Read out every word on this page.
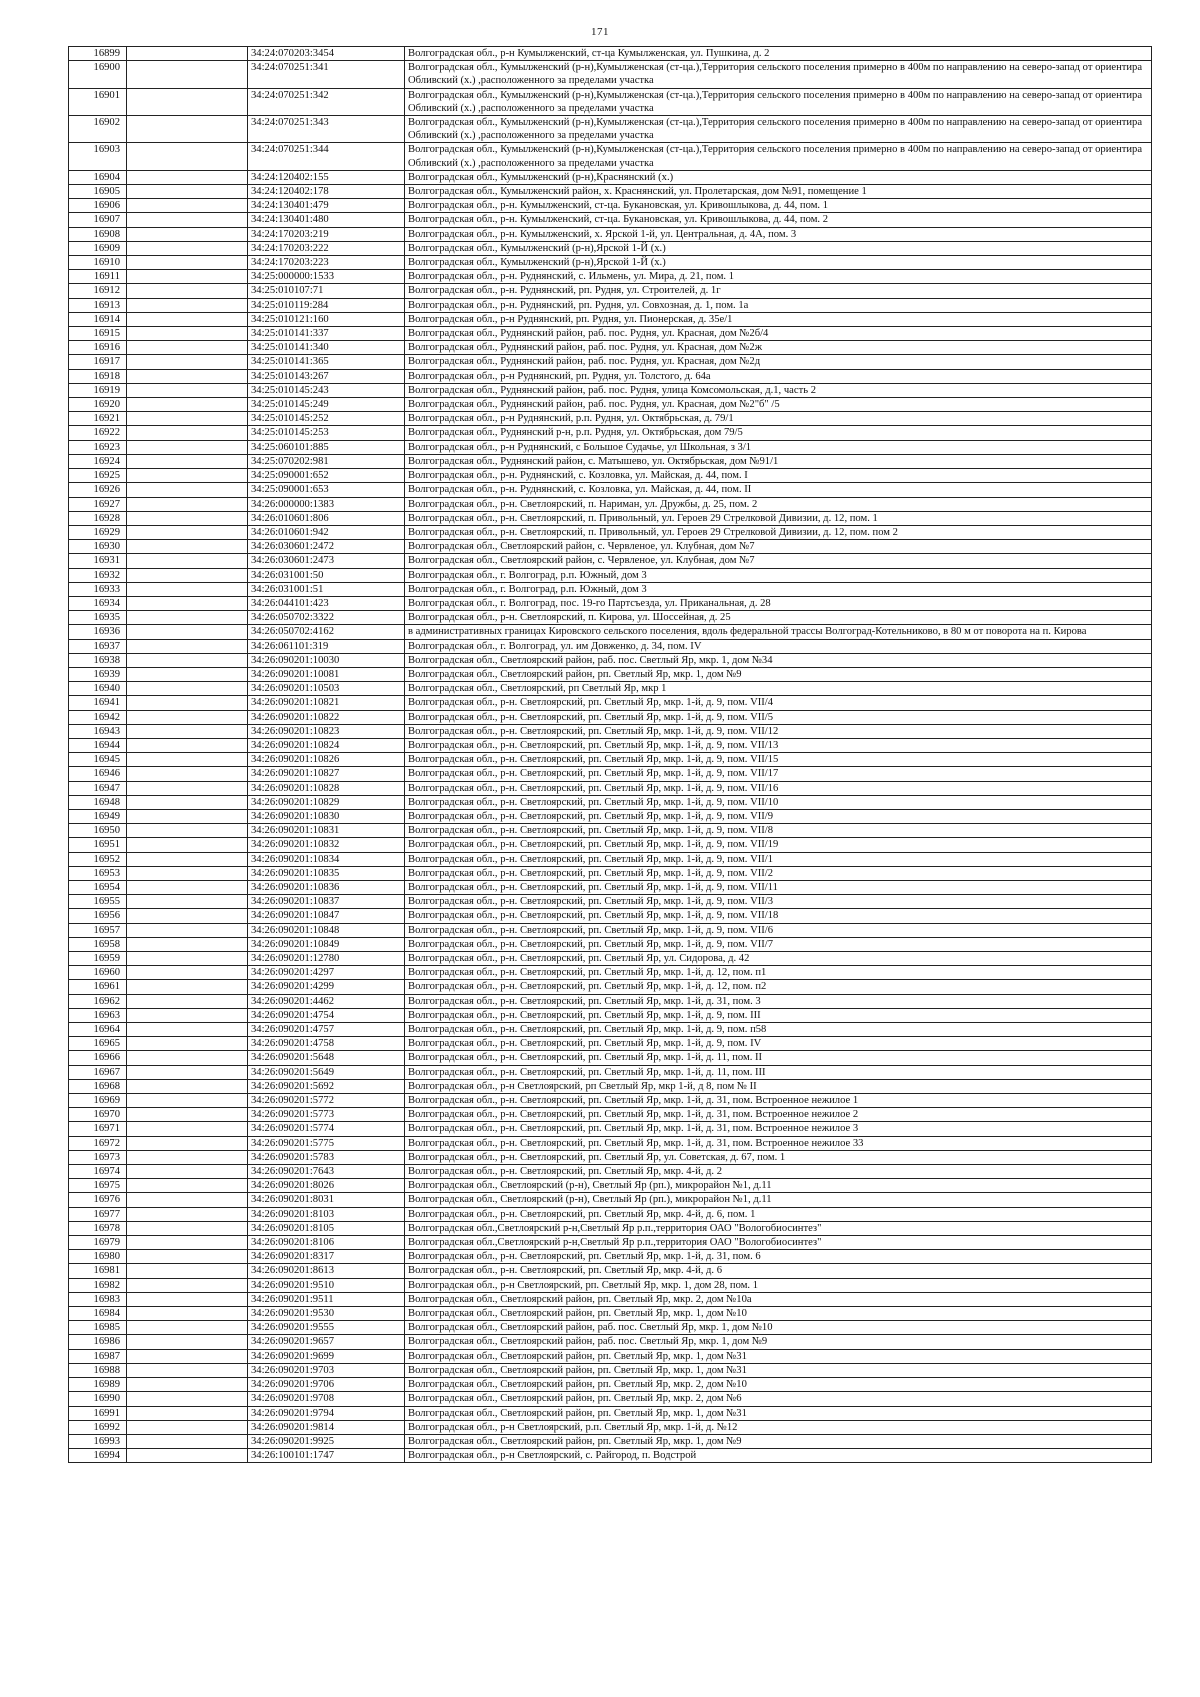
171
16899		34:24:070203:3454	Волгоградская обл., р-н Кумылженский, ст-ца Кумылженская, ул. Пушкина, д. 2
16900		34:24:070251:341	Волгоградская обл., Кумылженский (р-н),Кумылженская (ст-ца.),Территория сельского поселения примерно в 400м по направлению на северо-запад от ориентира Обливский (х.) ,расположенного за пределами участка
16901		34:24:070251:342	Волгоградская обл., Кумылженский (р-н),Кумылженская (ст-ца.),Территория сельского поселения примерно в 400м по направлению на северо-запад от ориентира Обливский (х.) ,расположенного за пределами участка
16902		34:24:070251:343	Волгоградская обл., Кумылженский (р-н),Кумылженская (ст-ца.),Территория сельского поселения примерно в 400м по направлению на северо-запад от ориентира Обливский (х.) ,расположенного за пределами участка
16903		34:24:070251:344	Волгоградская обл., Кумылженский (р-н),Кумылженская (ст-ца.),Территория сельского поселения примерно в 400м по направлению на северо-запад от ориентира Обливский (х.) ,расположенного за пределами участка
16904		34:24:120402:155	Волгоградская обл., Кумылженский (р-н),Краснянский (х.)
16905		34:24:120402:178	Волгоградская обл., Кумылженский район, х. Краснянский, ул. Пролетарская, дом №91, помещение 1
16906		34:24:130401:479	Волгоградская обл., р-н. Кумылженский, ст-ца. Букановская, ул. Кривошлыкова, д. 44, пом. 1
16907		34:24:130401:480	Волгоградская обл., р-н. Кумылженский, ст-ца. Букановская, ул. Кривошлыкова, д. 44, пом. 2
16908		34:24:170203:219	Волгоградская обл., р-н. Кумылженский, х. Ярской 1-й, ул. Центральная, д. 4А, пом. 3
16909		34:24:170203:222	Волгоградская обл., Кумылженский (р-н),Ярской 1-Й (х.)
16910		34:24:170203:223	Волгоградская обл., Кумылженский (р-н),Ярской 1-Й (х.)
16911		34:25:000000:1533	Волгоградская обл., р-н. Руднянский, с. Ильмень, ул. Мира, д. 21, пом. 1
16912		34:25:010107:71	Волгоградская обл., р-н. Руднянский, рп. Рудня, ул. Строителей, д. 1г
16913		34:25:010119:284	Волгоградская обл., р-н. Руднянский, рп. Рудня, ул. Совхозная, д. 1, пом. 1а
16914		34:25:010121:160	Волгоградская обл., р-н Руднянский, рп. Рудня, ул. Пионерская, д. 35е/1
16915		34:25:010141:337	Волгоградская обл., Руднянский район, раб. пос. Рудня, ул. Красная, дом №2б/4
16916		34:25:010141:340	Волгоградская обл., Руднянский район, раб. пос. Рудня, ул. Красная, дом №2ж
16917		34:25:010141:365	Волгоградская обл., Руднянский район, раб. пос. Рудня, ул. Красная, дом №2д
16918		34:25:010143:267	Волгоградская обл., р-н Руднянский, рп. Рудня, ул. Толстого, д. 64а
16919		34:25:010145:243	Волгоградская обл., Руднянский район, раб. пос. Рудня, улица Комсомольская, д.1, часть 2
16920		34:25:010145:249	Волгоградская обл., Руднянский район, раб. пос. Рудня, ул. Красная, дом №2"б" /5
16921		34:25:010145:252	Волгоградская обл., р-н Руднянский, р.п. Рудня, ул. Октябрьская, д. 79/1
16922		34:25:010145:253	Волгоградская обл., Руднянский р-н, р.п. Рудня, ул. Октябрьская, дом 79/5
16923		34:25:060101:885	Волгоградская обл., р-н Руднянский, с Большое Судачье, ул Школьная, з 3/1
16924		34:25:070202:981	Волгоградская обл., Руднянский район, с. Матышево, ул. Октябрьская, дом №91/1
16925		34:25:090001:652	Волгоградская обл., р-н. Руднянский, с. Козловка, ул. Майская, д. 44, пом. I
16926		34:25:090001:653	Волгоградская обл., р-н. Руднянский, с. Козловка, ул. Майская, д. 44, пом. II
16927		34:26:000000:1383	Волгоградская обл., р-н. Светлоярский, п. Нариман, ул. Дружбы, д. 25, пом. 2
16928		34:26:010601:806	Волгоградская обл., р-н. Светлоярский, п. Привольный, ул. Героев 29 Стрелковой Дивизии, д. 12, пом. 1
16929		34:26:010601:942	Волгоградская обл., р-н. Светлоярский, п. Привольный, ул. Героев 29 Стрелковой Дивизии, д. 12, пом. пом 2
16930		34:26:030601:2472	Волгоградская обл., Светлоярский район, с. Червленое, ул. Клубная, дом №7
16931		34:26:030601:2473	Волгоградская обл., Светлоярский район, с. Червленое, ул. Клубная, дом №7
16932		34:26:031001:50	Волгоградская обл., г. Волгоград, р.п. Южный, дом 3
16933		34:26:031001:51	Волгоградская обл., г. Волгоград, р.п. Южный, дом 3
16934		34:26:044101:423	Волгоградская обл., г. Волгоград, пос. 19-го Партсъезда, ул. Приканальная, д. 28
16935		34:26:050702:3322	Волгоградская обл., р-н. Светлоярский, п. Кирова, ул. Шоссейная, д. 25
16936		34:26:050702:4162	в административных границах Кировского сельского поселения, вдоль федеральной трассы Волгоград-Котельниково, в 80 м от поворота на п. Кирова
16937		34:26:061101:319	Волгоградская обл., г. Волгоград, ул. им Довженко, д. 34, пом. IV
16938		34:26:090201:10030	Волгоградская обл., Светлоярский район, раб. пос. Светлый Яр, мкр. 1, дом №34
16939		34:26:090201:10081	Волгоградская обл., Светлоярский район, рп. Светлый Яр, мкр. 1, дом №9
16940		34:26:090201:10503	Волгоградская обл., Светлоярский, рп Светлый Яр, мкр 1
16941		34:26:090201:10821	Волгоградская обл., р-н. Светлоярский, рп. Светлый Яр, мкр. 1-й, д. 9, пом. VII/4
16942		34:26:090201:10822	Волгоградская обл., р-н. Светлоярский, рп. Светлый Яр, мкр. 1-й, д. 9, пом. VII/5
16943		34:26:090201:10823	Волгоградская обл., р-н. Светлоярский, рп. Светлый Яр, мкр. 1-й, д. 9, пом. VII/12
16944		34:26:090201:10824	Волгоградская обл., р-н. Светлоярский, рп. Светлый Яр, мкр. 1-й, д. 9, пом. VII/13
16945		34:26:090201:10826	Волгоградская обл., р-н. Светлоярский, рп. Светлый Яр, мкр. 1-й, д. 9, пом. VII/15
16946		34:26:090201:10827	Волгоградская обл., р-н. Светлоярский, рп. Светлый Яр, мкр. 1-й, д. 9, пом. VII/17
16947		34:26:090201:10828	Волгоградская обл., р-н. Светлоярский, рп. Светлый Яр, мкр. 1-й, д. 9, пом. VII/16
16948		34:26:090201:10829	Волгоградская обл., р-н. Светлоярский, рп. Светлый Яр, мкр. 1-й, д. 9, пом. VII/10
16949		34:26:090201:10830	Волгоградская обл., р-н. Светлоярский, рп. Светлый Яр, мкр. 1-й, д. 9, пом. VII/9
16950		34:26:090201:10831	Волгоградская обл., р-н. Светлоярский, рп. Светлый Яр, мкр. 1-й, д. 9, пом. VII/8
16951		34:26:090201:10832	Волгоградская обл., р-н. Светлоярский, рп. Светлый Яр, мкр. 1-й, д. 9, пом. VII/19
16952		34:26:090201:10834	Волгоградская обл., р-н. Светлоярский, рп. Светлый Яр, мкр. 1-й, д. 9, пом. VII/1
16953		34:26:090201:10835	Волгоградская обл., р-н. Светлоярский, рп. Светлый Яр, мкр. 1-й, д. 9, пом. VII/2
16954		34:26:090201:10836	Волгоградская обл., р-н. Светлоярский, рп. Светлый Яр, мкр. 1-й, д. 9, пом. VII/11
16955		34:26:090201:10837	Волгоградская обл., р-н. Светлоярский, рп. Светлый Яр, мкр. 1-й, д. 9, пом. VII/3
16956		34:26:090201:10847	Волгоградская обл., р-н. Светлоярский, рп. Светлый Яр, мкр. 1-й, д. 9, пом. VII/18
16957		34:26:090201:10848	Волгоградская обл., р-н. Светлоярский, рп. Светлый Яр, мкр. 1-й, д. 9, пом. VII/6
16958		34:26:090201:10849	Волгоградская обл., р-н. Светлоярский, рп. Светлый Яр, мкр. 1-й, д. 9, пом. VII/7
16959		34:26:090201:12780	Волгоградская обл., р-н. Светлоярский, рп. Светлый Яр, ул. Сидорова, д. 42
16960		34:26:090201:4297	Волгоградская обл., р-н. Светлоярский, рп. Светлый Яр, мкр. 1-й, д. 12, пом. п1
16961		34:26:090201:4299	Волгоградская обл., р-н. Светлоярский, рп. Светлый Яр, мкр. 1-й, д. 12, пом. п2
16962		34:26:090201:4462	Волгоградская обл., р-н. Светлоярский, рп. Светлый Яр, мкр. 1-й, д. 31, пом. 3
16963		34:26:090201:4754	Волгоградская обл., р-н. Светлоярский, рп. Светлый Яр, мкр. 1-й, д. 9, пом. III
16964		34:26:090201:4757	Волгоградская обл., р-н. Светлоярский, рп. Светлый Яр, мкр. 1-й, д. 9, пом. п58
16965		34:26:090201:4758	Волгоградская обл., р-н. Светлоярский, рп. Светлый Яр, мкр. 1-й, д. 9, пом. IV
16966		34:26:090201:5648	Волгоградская обл., р-н. Светлоярский, рп. Светлый Яр, мкр. 1-й, д. 11, пом. II
16967		34:26:090201:5649	Волгоградская обл., р-н. Светлоярский, рп. Светлый Яр, мкр. 1-й, д. 11, пом. III
16968		34:26:090201:5692	Волгоградская обл., р-н Светлоярский, рп Светлый Яр, мкр 1-й, д 8, пом № II
16969		34:26:090201:5772	Волгоградская обл., р-н. Светлоярский, рп. Светлый Яр, мкр. 1-й, д. 31, пом. Встроенное нежилое 1
16970		34:26:090201:5773	Волгоградская обл., р-н. Светлоярский, рп. Светлый Яр, мкр. 1-й, д. 31, пом. Встроенное нежилое 2
16971		34:26:090201:5774	Волгоградская обл., р-н. Светлоярский, рп. Светлый Яр, мкр. 1-й, д. 31, пом. Встроенное нежилое 3
16972		34:26:090201:5775	Волгоградская обл., р-н. Светлоярский, рп. Светлый Яр, мкр. 1-й, д. 31, пом. Встроенное нежилое 33
16973		34:26:090201:5783	Волгоградская обл., р-н. Светлоярский, рп. Светлый Яр, ул. Советская, д. 67, пом. 1
16974		34:26:090201:7643	Волгоградская обл., р-н. Светлоярский, рп. Светлый Яр, мкр. 4-й, д. 2
16975		34:26:090201:8026	Волгоградская обл., Светлоярский (р-н), Светлый Яр (рп.), микрорайон №1, д.11
16976		34:26:090201:8031	Волгоградская обл., Светлоярский (р-н), Светлый Яр (рп.), микрорайон №1, д.11
16977		34:26:090201:8103	Волгоградская обл., р-н. Светлоярский, рп. Светлый Яр, мкр. 4-й, д. 6, пом. 1
16978		34:26:090201:8105	Волгоградская обл.,Светлоярский р-н,Светлый Яр р.п.,территория ОАО "Вологобиосинтез"
16979		34:26:090201:8106	Волгоградская обл.,Светлоярский р-н,Светлый Яр р.п.,территория ОАО "Вологобиосинтез"
16980		34:26:090201:8317	Волгоградская обл., р-н. Светлоярский, рп. Светлый Яр, мкр. 1-й, д. 31, пом. 6
16981		34:26:090201:8613	Волгоградская обл., р-н. Светлоярский, рп. Светлый Яр, мкр. 4-й, д. 6
16982		34:26:090201:9510	Волгоградская обл., р-н Светлоярский, рп. Светлый Яр, мкр. 1, дом 28, пом. 1
16983		34:26:090201:9511	Волгоградская обл., Светлоярский район, рп. Светлый Яр, мкр. 2, дом №10а
16984		34:26:090201:9530	Волгоградская обл., Светлоярский район, рп. Светлый Яр, мкр. 1, дом №10
16985		34:26:090201:9555	Волгоградская обл., Светлоярский район, раб. пос. Светлый Яр, мкр. 1, дом №10
16986		34:26:090201:9657	Волгоградская обл., Светлоярский район, раб. пос. Светлый Яр, мкр. 1, дом №9
16987		34:26:090201:9699	Волгоградская обл., Светлоярский район, рп. Светлый Яр, мкр. 1, дом №31
16988		34:26:090201:9703	Волгоградская обл., Светлоярский район, рп. Светлый Яр, мкр. 1, дом №31
16989		34:26:090201:9706	Волгоградская обл., Светлоярский район, рп. Светлый Яр, мкр. 2, дом №10
16990		34:26:090201:9708	Волгоградская обл., Светлоярский район, рп. Светлый Яр, мкр. 2, дом №6
16991		34:26:090201:9794	Волгоградская обл., Светлоярский район, рп. Светлый Яр, мкр. 1, дом №31
16992		34:26:090201:9814	Волгоградская обл., р-н Светлоярский, р.п. Светлый Яр, мкр. 1-й, д. №12
16993		34:26:090201:9925	Волгоградская обл., Светлоярский район, рп. Светлый Яр, мкр. 1, дом №9
16994		34:26:100101:1747	Волгоградская обл., р-н Светлоярский, с. Райгород, п. Водстрой
